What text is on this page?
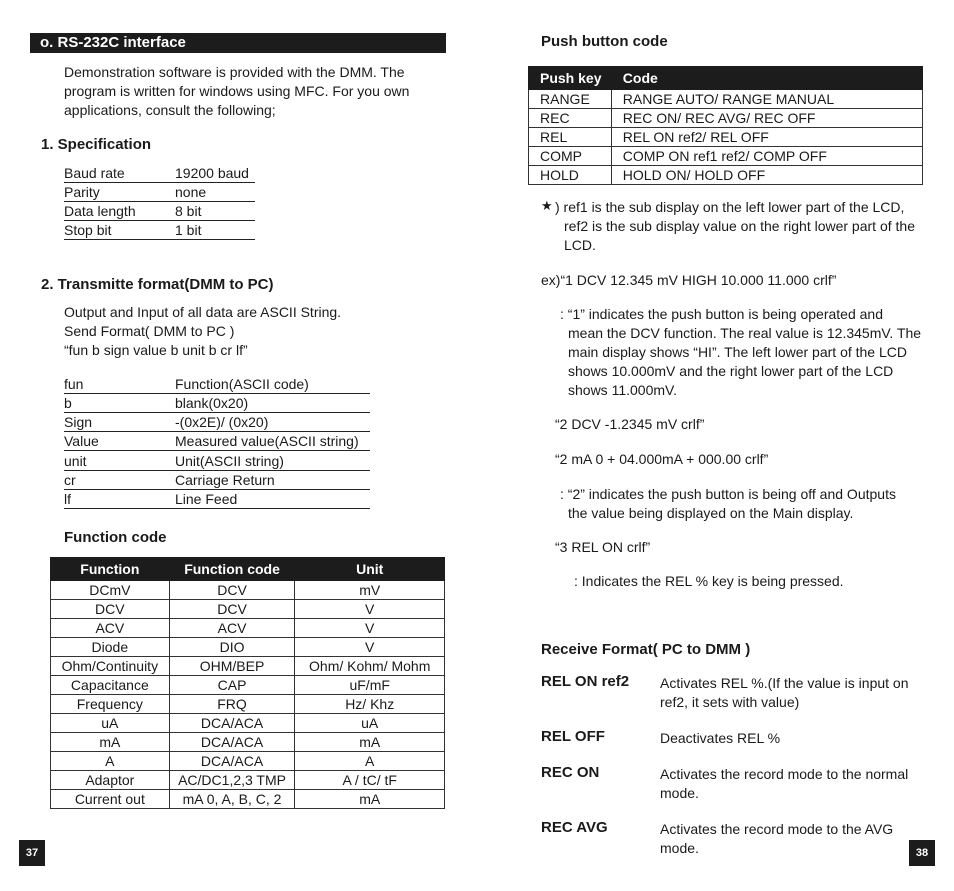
o. RS-232C interface
Demonstration software is provided with the DMM. The
program is written for windows using MFC. For you own
applications, consult the following;
1. Specification
Baud rate	19200 baud
Parity	none
Data length	8 bit
Stop bit	1 bit
2. Transmitte format(DMM to PC)
Output and Input of all data are ASCII String.
Send Format( DMM to PC )
“fun b sign value b unit b cr lf”
fun	Function(ASCII code)
b	blank(0x20)
Sign	-(0x2E)/ (0x20)
Value	Measured value(ASCII string)
unit	Unit(ASCII string)
cr	Carriage Return
lf	Line Feed
Function code
Function	Function code	Unit
DCmV	DCV	mV
DCV	DCV	V
ACV	ACV	V
Diode	DIO	V
Ohm/Continuity	OHM/BEP	Ohm/ Kohm/ Mohm
Capacitance	CAP	uF/mF
Frequency	FRQ	Hz/ Khz
uA	DCA/ACA	uA
mA	DCA/ACA	mA
A	DCA/ACA	A
Adaptor	AC/DC1,2,3 TMP	A / tC/ tF
Current out	mA 0, A, B, C, 2	mA
37
Push button code
Push key	Code
RANGE	RANGE AUTO/ RANGE MANUAL
REC	REC ON/ REC AVG/ REC OFF
REL	REL ON ref2/ REL OFF
COMP	COMP ON ref1 ref2/ COMP OFF
HOLD	HOLD ON/ HOLD OFF
★ ) ref1 is the sub display on the left lower part of the LCD,
ref2 is the sub display value on the right lower part of the
LCD.
ex)“1 DCV 12.345 mV HIGH 10.000 11.000 crlf”
: “1” indicates the push button is being operated and
mean the DCV function. The real value is 12.345mV. The
main display shows “HI”. The left lower part of the LCD
shows 10.000mV and the right lower part of the LCD
shows 11.000mV.
“2 DCV -1.2345 mV crlf”
“2 mA 0 + 04.000mA + 000.00 crlf”
: “2” indicates the push button is being off and Outputs
the value being displayed on the Main display.
“3 REL ON crlf”
: Indicates the REL % key is being pressed.
Receive Format( PC to DMM )
REL ON ref2 Activates REL %.(If the value is input on
ref2, it sets with value)
REL OFF	Deactivates REL %
REC ON	Activates the record mode to the normal
mode.
REC AVG	Activates the record mode to the AVG
mode.	38
